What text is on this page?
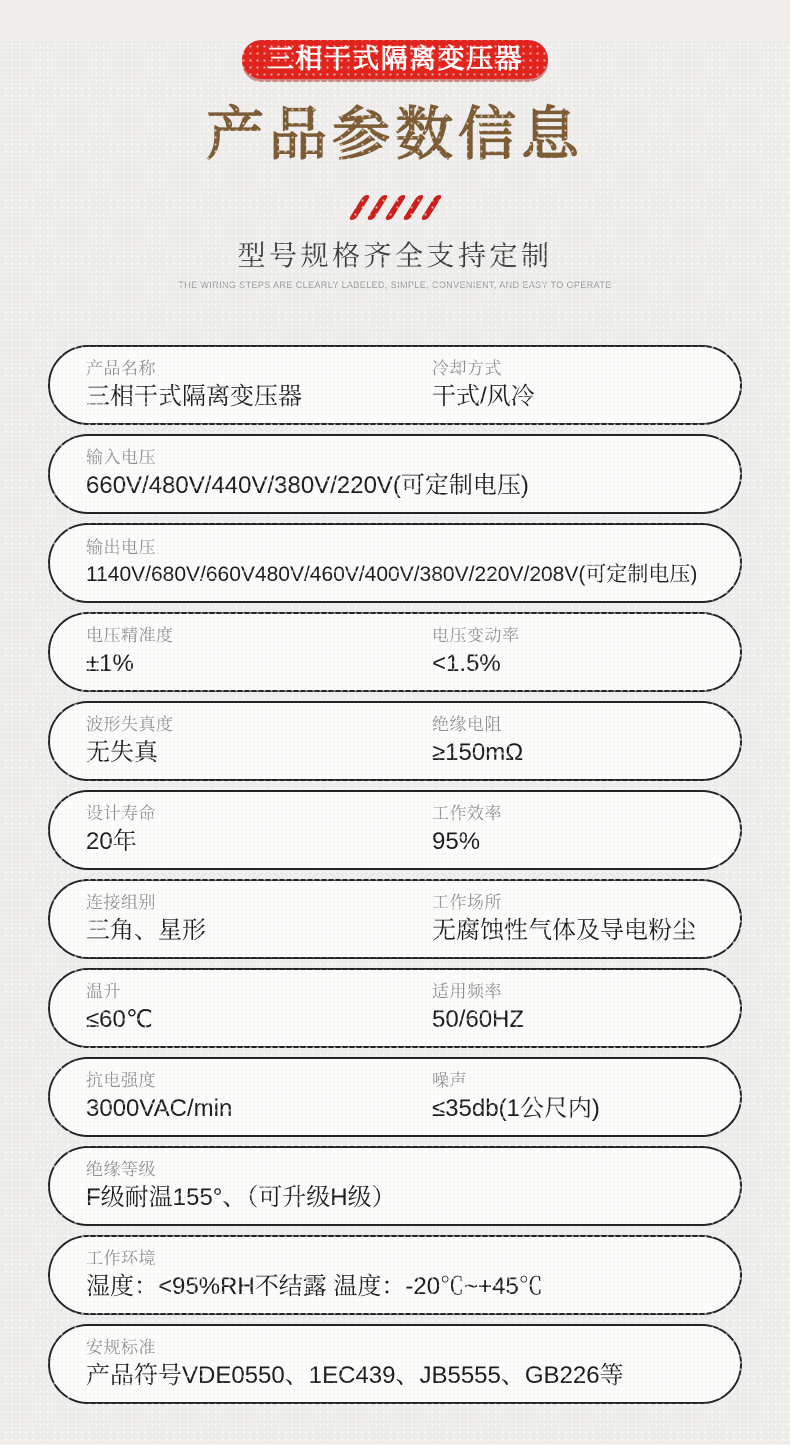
三相干式隔离变压器
产品参数信息
型号规格齐全支持定制
THE WIRING STEPS ARE CLEARLY LABELED, SIMPLE, CONVENIENT, AND EASY TO OPERATE
产品名称
三相干式隔离变压器
冷却方式
干式/风冷
输入电压
660V/480V/440V/380V/220V(可定制电压)
输出电压
1140V/680V/660V480V/460V/400V/380V/220V/208V(可定制电压)
电压精准度
±1%
电压变动率
<1.5%
波形失真度
无失真
绝缘电阻
≥150mΩ
设计寿命
20年
工作效率
95%
连接组别
三角、星形
工作场所
无腐蚀性气体及导电粉尘
温升
≤60℃
适用频率
50/60HZ
抗电强度
3000VAC/min
噪声
≤35db(1公尺内)
绝缘等级
F级耐温155°、（可升级H级）
工作环境
湿度：<95%RH不结露 温度：-20℃~+45℃
安规标准
产品符号VDE0550、1EC439、JB5555、GB226等
